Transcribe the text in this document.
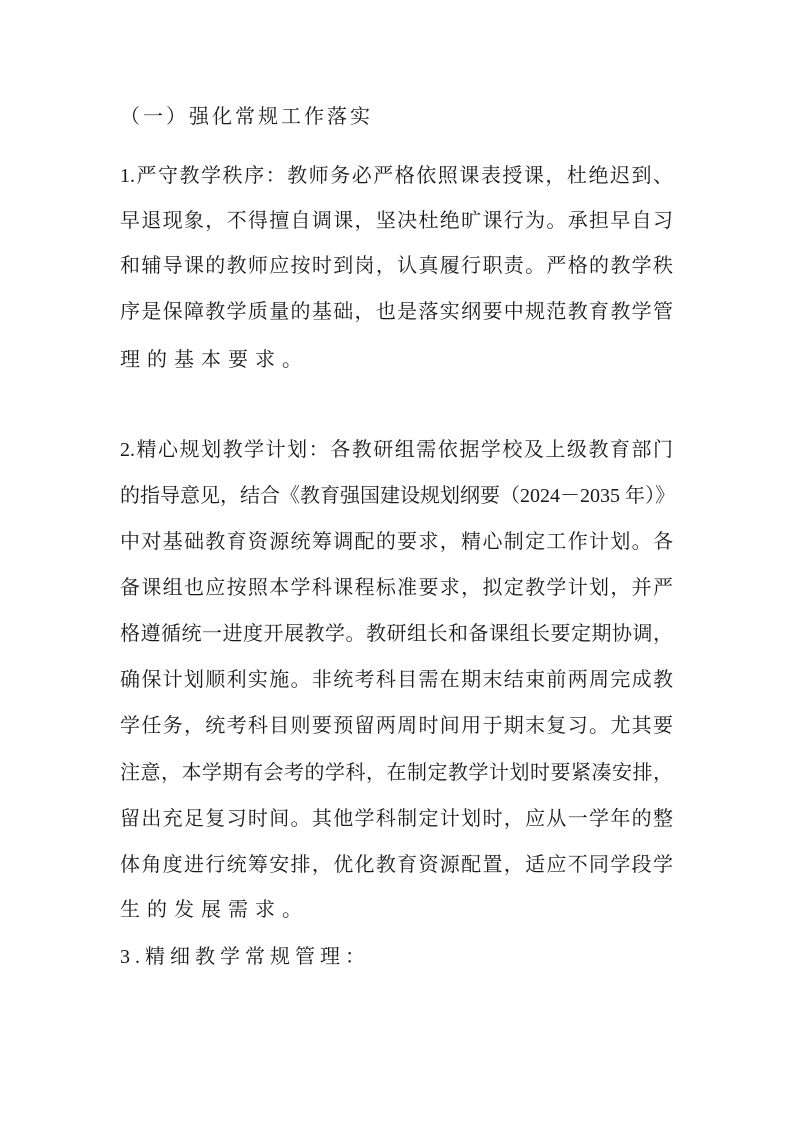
（一）强化常规工作落实
1.严守教学秩序：教师务必严格依照课表授课，杜绝迟到、
早退现象，不得擅自调课，坚决杜绝旷课行为。承担早自习
和辅导课的教师应按时到岗，认真履行职责。严格的教学秩
序是保障教学质量的基础，也是落实纲要中规范教育教学管
理的基本要求。
2.精心规划教学计划：各教研组需依据学校及上级教育部门
的指导意见，结合《教育强国建设规划纲要（2024－2035 年）》
中对基础教育资源统筹调配的要求，精心制定工作计划。各
备课组也应按照本学科课程标准要求，拟定教学计划，并严
格遵循统一进度开展教学。教研组长和备课组长要定期协调，
确保计划顺利实施。非统考科目需在期末结束前两周完成教
学任务，统考科目则要预留两周时间用于期末复习。尤其要
注意，本学期有会考的学科，在制定教学计划时要紧凑安排，
留出充足复习时间。其他学科制定计划时，应从一学年的整
体角度进行统筹安排，优化教育资源配置，适应不同学段学
生的发展需求。
3.精细教学常规管理：
